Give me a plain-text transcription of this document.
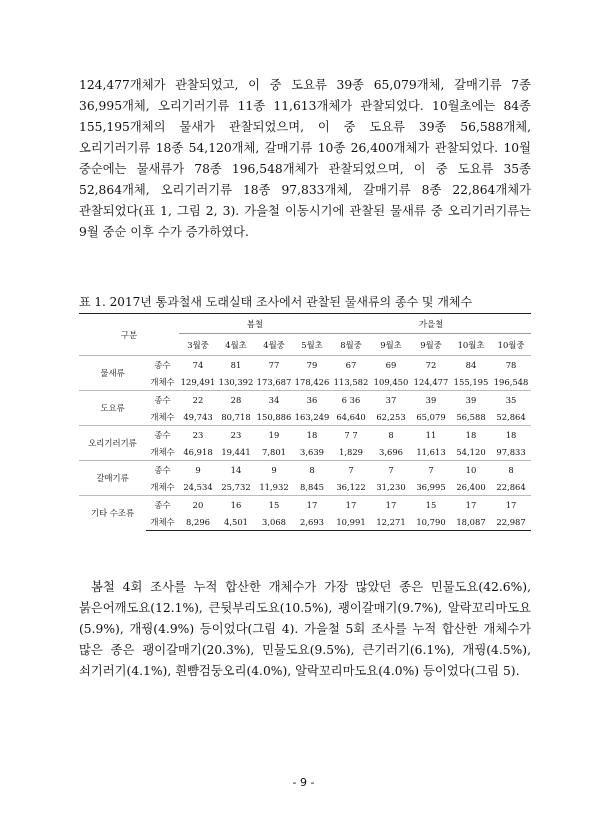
124,477개체가 관찰되었고, 이 중 도요류 39종 65,079개체, 갈매기류 7종 36,995개체, 오리기러기류 11종 11,613개체가 관찰되었다. 10월초에는 84종 155,195개체의 물새가 관찰되었으며, 이 중 도요류 39종 56,588개체, 오리기러기류 18종 54,120개체, 갈매기류 10종 26,400개체가 관찰되었다. 10월 중순에는 물새류가 78종 196,548개체가 관찰되었으며, 이 중 도요류 35종 52,864개체, 오리기러기류 18종 97,833개체, 갈매기류 8종 22,864개체가 관찰되었다(표 1, 그림 2, 3). 가을철 이동시기에 관찰된 물새류 중 오리기러기류는 9월 중순 이후 수가 증가하였다.

표 1. 2017년 통과철새 도래실태 조사에서 관찰된 물새류의 종수 및 개체수

구분		봄철				가을철				
		3월중	4월초	4월중	5월초	8월중	9월초	9월중	10월초	10월중
물새류	종수	74	81	77	79	67	69	72	84	78
	개체수	129,491	130,392	173,687	178,426	113,582	109,450	124,477	155,195	196,548
도요류	종수	22	28	34	36	6 36	37	39	39	35
	개체수	49,743	80,718	150,886	163,249	64,640	62,253	65,079	56,588	52,864
오리기러기류	종수	23	23	19	18	7 7	8	11	18	18
	개체수	46,918	19,441	7,801	3,639	1,829	3,696	11,613	54,120	97,833
갈매기류	종수	9	14	9	8	7	7	7	10	8
	개체수	24,534	25,732	11,932	8,845	36,122	31,230	36,995	26,400	22,864
기타 수조류	종수	20	16	15	17	17	17	15	17	17
	개체수	8,296	4,501	3,068	2,693	10,991	12,271	10,790	18,087	22,987

봄철 4회 조사를 누적 합산한 개체수가 가장 많았던 종은 민물도요(42.6%), 붉은어깨도요(12.1%), 큰뒷부리도요(10.5%), 괭이갈매기(9.7%), 알락꼬리마도요(5.9%), 개꿩(4.9%) 등이었다(그림 4). 가을철 5회 조사를 누적 합산한 개체수가 많은 종은 괭이갈매기(20.3%), 민물도요(9.5%), 큰기러기(6.1%), 개꿩(4.5%), 쇠기러기(4.1%), 흰뺨검둥오리(4.0%), 알락꼬리마도요(4.0%) 등이었다(그림 5).

- 9 -
